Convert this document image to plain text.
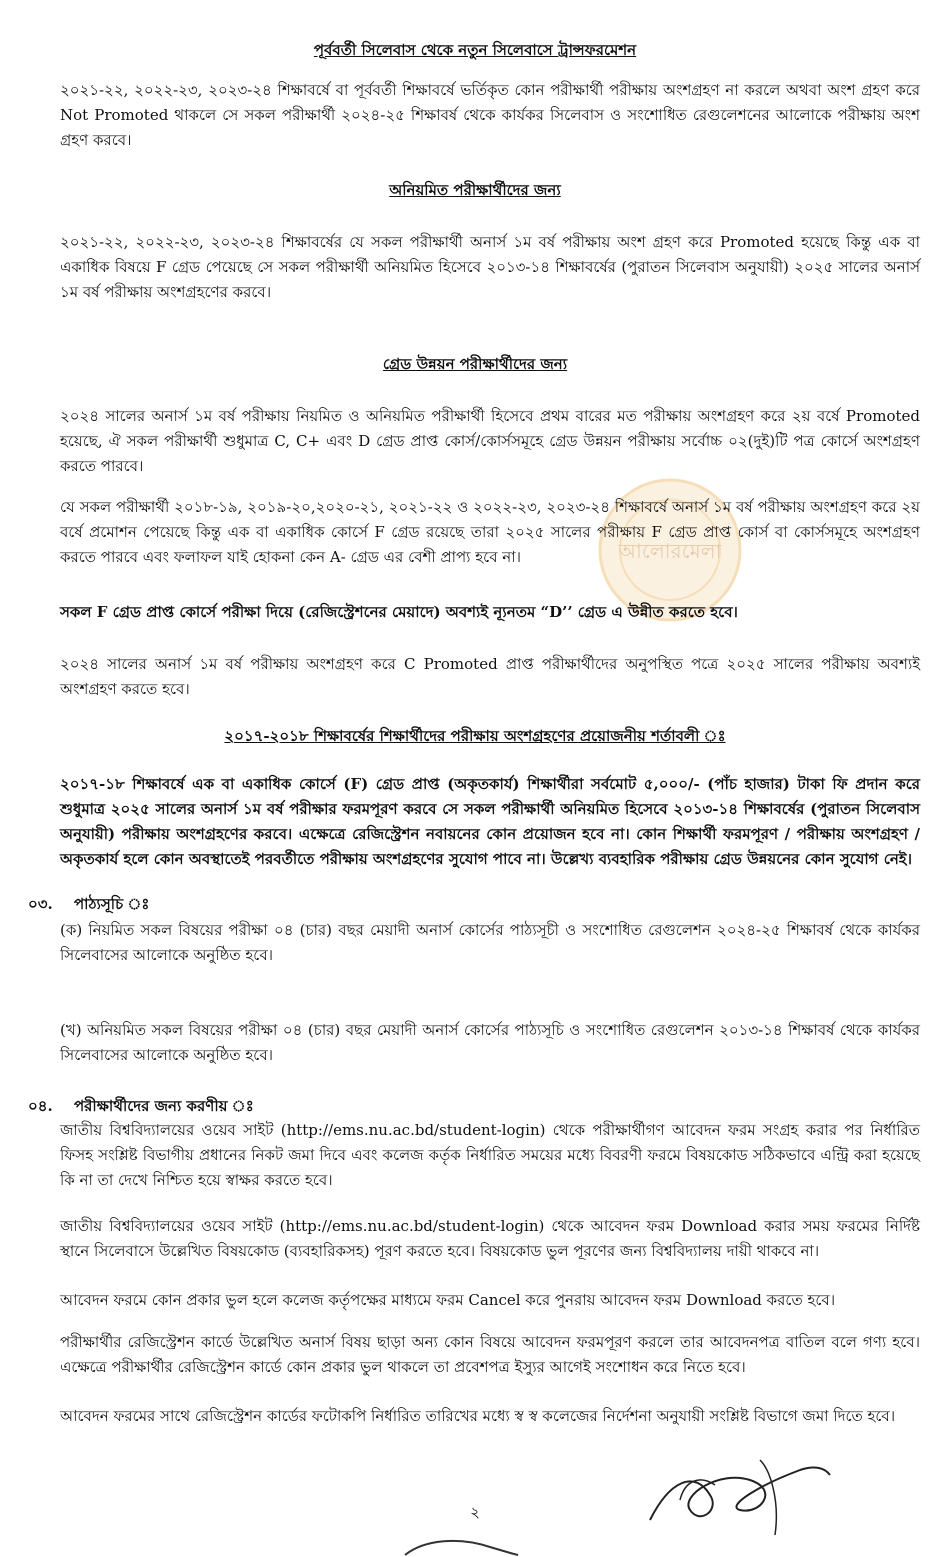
আলোরমেলা

পূর্ববর্তী সিলেবাস থেকে নতুন সিলেবাসে ট্রান্সফরমেশন

২০২১-২২, ২০২২-২৩, ২০২৩-২৪ শিক্ষাবর্ষে বা পূর্ববর্তী শিক্ষাবর্ষে ভর্তিকৃত কোন পরীক্ষার্থী পরীক্ষায় অংশগ্রহণ না করলে অথবা অংশ গ্রহণ করে Not Promoted থাকলে সে সকল পরীক্ষার্থী ২০২৪-২৫ শিক্ষাবর্ষ থেকে কার্যকর সিলেবাস ও সংশোধিত রেগুলেশনের আলোকে পরীক্ষায় অংশ গ্রহণ করবে।

অনিয়মিত পরীক্ষার্থীদের জন্য

২০২১-২২, ২০২২-২৩, ২০২৩-২৪ শিক্ষাবর্ষের যে সকল পরীক্ষার্থী অনার্স ১ম বর্ষ পরীক্ষায় অংশ গ্রহণ করে Promoted হয়েছে কিন্তু এক বা একাধিক বিষয়ে F গ্রেড পেয়েছে সে সকল পরীক্ষার্থী অনিয়মিত হিসেবে ২০১৩-১৪ শিক্ষাবর্ষের (পুরাতন সিলেবাস অনুযায়ী) ২০২৫ সালের অনার্স ১ম বর্ষ পরীক্ষায় অংশগ্রহণের করবে।

গ্রেড উন্নয়ন পরীক্ষার্থীদের জন্য

২০২৪ সালের অনার্স ১ম বর্ষ পরীক্ষায় নিয়মিত ও অনিয়মিত পরীক্ষার্থী হিসেবে প্রথম বারের মত পরীক্ষায় অংশগ্রহণ করে ২য় বর্ষে Promoted হয়েছে, ঐ সকল পরীক্ষার্থী শুধুমাত্র C, C+ এবং D গ্রেড প্রাপ্ত কোর্স/কোর্সসমূহে গ্রেড উন্নয়ন পরীক্ষায় সর্বোচ্চ ০২(দুই)টি পত্র কোর্সে অংশগ্রহণ করতে পারবে।

যে সকল পরীক্ষার্থী ২০১৮-১৯, ২০১৯-২০,২০২০-২১, ২০২১-২২ ও ২০২২-২৩, ২০২৩-২৪ শিক্ষাবর্ষে অনার্স ১ম বর্ষ পরীক্ষায় অংশগ্রহণ করে ২য় বর্ষে প্রমোশন পেয়েছে কিন্তু এক বা একাধিক কোর্সে F গ্রেড রয়েছে তারা ২০২৫ সালের পরীক্ষায় F গ্রেড প্রাপ্ত কোর্স বা কোর্সসমূহে অংশগ্রহণ করতে পারবে এবং ফলাফল যাই হোকনা কেন A- গ্রেড এর বেশী প্রাপ্য হবে না।

সকল F গ্রেড প্রাপ্ত কোর্সে পরীক্ষা দিয়ে (রেজিস্ট্রেশনের মেয়াদে) অবশ্যই ন্যূনতম “D’’ গ্রেড এ উন্নীত করতে হবে।

২০২৪ সালের অনার্স ১ম বর্ষ পরীক্ষায় অংশগ্রহণ করে C Promoted প্রাপ্ত পরীক্ষার্থীদের অনুপস্থিত পত্রে ২০২৫ সালের পরীক্ষায় অবশ্যই অংশগ্রহণ করতে হবে।

২০১৭-২০১৮ শিক্ষাবর্ষের শিক্ষার্থীদের পরীক্ষায় অংশগ্রহণের প্রয়োজনীয় শর্তাবলী ঃ

২০১৭-১৮ শিক্ষাবর্ষে এক বা একাধিক কোর্সে (F) গ্রেড প্রাপ্ত (অকৃতকার্য) শিক্ষার্থীরা সর্বমোট ৫,০০০/- (পাঁচ হাজার) টাকা ফি প্রদান করে শুধুমাত্র ২০২৫ সালের অনার্স ১ম বর্ষ পরীক্ষার ফরমপূরণ করবে সে সকল পরীক্ষার্থী অনিয়মিত হিসেবে ২০১৩-১৪ শিক্ষাবর্ষের (পুরাতন সিলেবাস অনুযায়ী) পরীক্ষায় অংশগ্রহণের করবে। এক্ষেত্রে রেজিস্ট্রেশন নবায়নের কোন প্রয়োজন হবে না। কোন শিক্ষার্থী ফরমপূরণ / পরীক্ষায় অংশগ্রহণ / অকৃতকার্য হলে কোন অবস্থাতেই পরবর্তীতে পরীক্ষায় অংশগ্রহণের সুযোগ পাবে না। উল্লেখ্য ব্যবহারিক পরীক্ষায় গ্রেড উন্নয়নের কোন সুযোগ নেই।

০৩. পাঠ্যসূচি ঃ

(ক) নিয়মিত সকল বিষয়ের পরীক্ষা ০৪ (চার) বছর মেয়াদী অনার্স কোর্সের পাঠ্যসূচী ও সংশোধিত রেগুলেশন ২০২৪-২৫ শিক্ষাবর্ষ থেকে কার্যকর সিলেবাসের আলোকে অনুষ্ঠিত হবে।

(খ) অনিয়মিত সকল বিষয়ের পরীক্ষা ০৪ (চার) বছর মেয়াদী অনার্স কোর্সের পাঠ্যসূচি ও সংশোধিত রেগুলেশন ২০১৩-১৪ শিক্ষাবর্ষ থেকে কার্যকর সিলেবাসের আলোকে অনুষ্ঠিত হবে।

০৪. পরীক্ষার্থীদের জন্য করণীয় ঃ

জাতীয় বিশ্ববিদ্যালয়ের ওয়েব সাইট (http://ems.nu.ac.bd/student-login) থেকে পরীক্ষার্থীগণ আবেদন ফরম সংগ্রহ করার পর নির্ধারিত ফিসহ সংশ্লিষ্ট বিভাগীয় প্রধানের নিকট জমা দিবে এবং কলেজ কর্তৃক নির্ধারিত সময়ের মধ্যে বিবরণী ফরমে বিষয়কোড সঠিকভাবে এন্ট্রি করা হয়েছে কি না তা দেখে নিশ্চিত হয়ে স্বাক্ষর করতে হবে।

জাতীয় বিশ্ববিদ্যালয়ের ওয়েব সাইট (http://ems.nu.ac.bd/student-login) থেকে আবেদন ফরম Download করার সময় ফরমের নির্দিষ্ট স্থানে সিলেবাসে উল্লেখিত বিষয়কোড (ব্যবহারিকসহ) পূরণ করতে হবে। বিষয়কোড ভুল পূরণের জন্য বিশ্ববিদ্যালয় দায়ী থাকবে না।

আবেদন ফরমে কোন প্রকার ভুল হলে কলেজ কর্তৃপক্ষের মাধ্যমে ফরম Cancel করে পুনরায় আবেদন ফরম Download করতে হবে।

পরীক্ষার্থীর রেজিস্ট্রেশন কার্ডে উল্লেখিত অনার্স বিষয় ছাড়া অন্য কোন বিষয়ে আবেদন ফরমপূরণ করলে তার আবেদনপত্র বাতিল বলে গণ্য হবে। এক্ষেত্রে পরীক্ষার্থীর রেজিস্ট্রেশন কার্ডে কোন প্রকার ভুল থাকলে তা প্রবেশপত্র ইস্যুর আগেই সংশোধন করে নিতে হবে।

আবেদন ফরমের সাথে রেজিস্ট্রেশন কার্ডের ফটোকপি নির্ধারিত তারিখের মধ্যে স্ব স্ব কলেজের নির্দেশনা অনুযায়ী সংশ্লিষ্ট বিভাগে জমা দিতে হবে।

২
